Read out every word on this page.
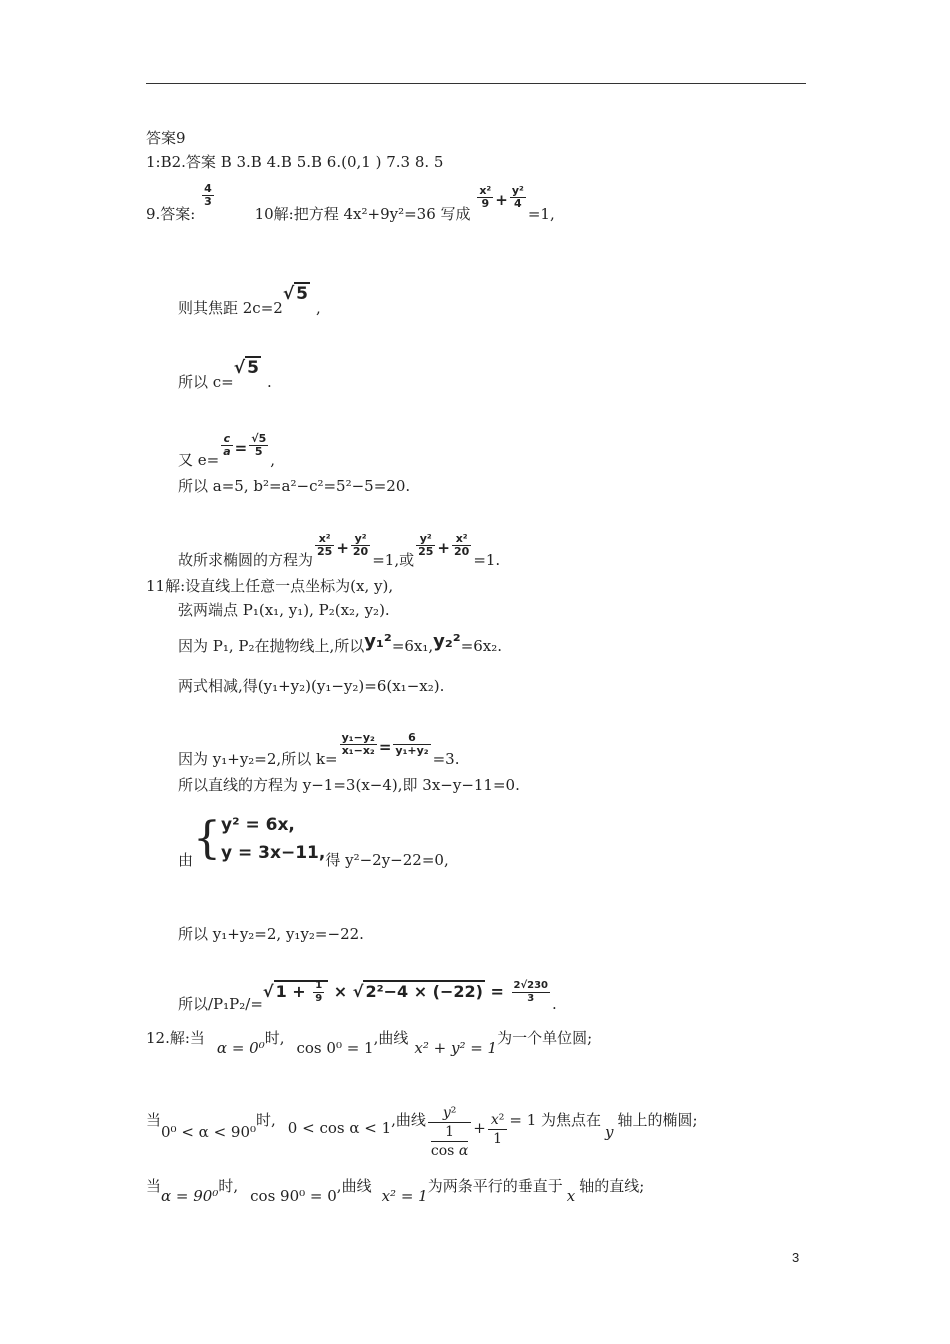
答案9
1:B2.答案 B 3.B 4.B 5.B 6.(0,1 ) 7.3 8. 5
9.答案:
$\frac{4}{3}$
10解:把方程 4x²+9y²=36 写成
$\frac{\text{x²}}{9} + \frac{\text{y²}}{4}$
=1,
则其焦距 2c=2√ 5,
所以 c=√ 5.
又 e=
$\frac{c}{a} = \frac{√5}{5}$
,
所以 a=5, b²=a²−c²=5²−5=20.
故所求椭圆的方程为
$\frac{\text{x²}}{25} + \frac{\text{y²}}{20}$
=1,或
$\frac{\text{y²}}{25} + \frac{\text{x²}}{20}$
=1.
11解:设直线上任意一点坐标为(x, y),
弦两端点 P₁(x₁, y₁), P₂(x₂, y₂).
因为 P₁, P₂在抛物线上,所以y₁²=6x₁,y₂²=6x₂.
两式相减,得(y₁+y₂)(y₁−y₂)=6(x₁−x₂).
因为 y₁+y₂=2,所以 k=
$\frac{\text{y₁−y₂}}{\text{x₁−x₂}} = \frac{6}{\text{y₁+y₂}}$
=3.
所以直线的方程为 y−1=3(x−4),即 3x−y−11=0.
由{ y² = 6x,
y = 3x−11, 得 y²−2y−22=0,
所以 y₁+y₂=2, y₁y₂=−22.
所以/P₁P₂/=√ $1 + \frac{1}{9}$ × √ $2^2-4 \times (-22) = \frac{2√230}{3}$ .
12.解:当α = 0⁰时,cos 0⁰ = 1,曲线x² + y² = 1为一个单位圆;
当0⁰ < α < 90⁰时, 0 < cos α < 1,曲线 y²
1
$\cos \alpha + \frac{\text{x²}}{1} = 1$ 为焦点在y轴上的椭圆;
当α = 90⁰时,cos 90⁰ = 0,曲线x² = 1为两条平行的垂直于x轴的直线;
3
